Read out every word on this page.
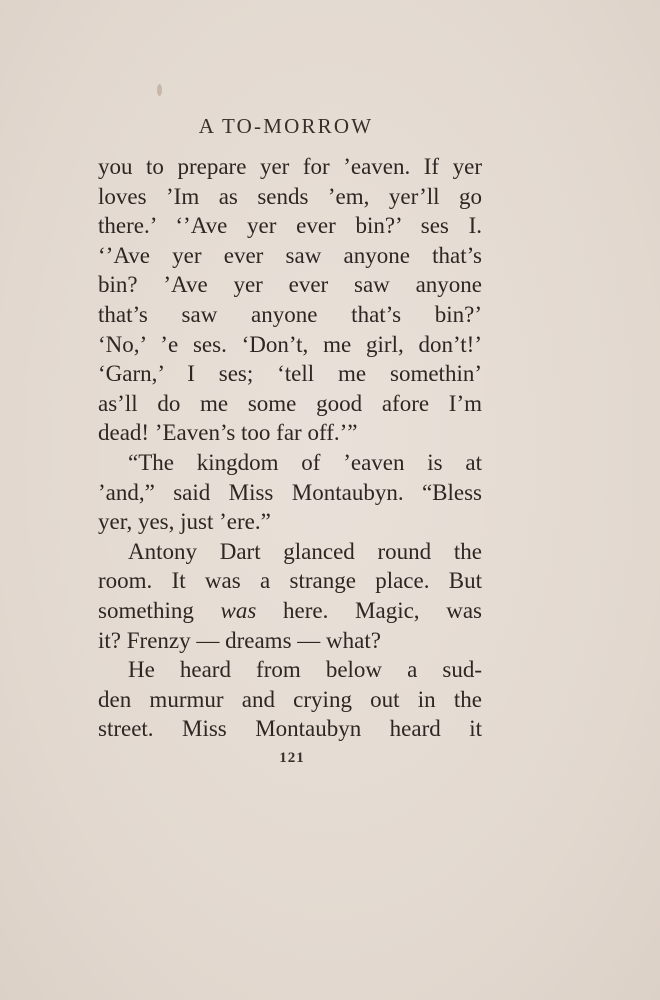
A TO-MORROW
you to prepare yer for ’eaven. If yer
loves ’Im as sends ’em, yer’ll go
there.’ ‘’Ave yer ever bin?’ ses I.
‘’Ave yer ever saw anyone that’s
bin? ’Ave yer ever saw anyone
that’s saw anyone that’s bin?’
‘No,’ ’e ses. ‘Don’t, me girl, don’t!’
‘Garn,’ I ses; ‘tell me somethin’
as’ll do me some good afore I’m
dead! ’Eaven’s too far off.’”
“The kingdom of ’eaven is at
’and,” said Miss Montaubyn. “Bless
yer, yes, just ’ere.”
Antony Dart glanced round the
room. It was a strange place. But
something was here. Magic, was
it? Frenzy — dreams — what?
He heard from below a sud-
den murmur and crying out in the
street. Miss Montaubyn heard it
121
